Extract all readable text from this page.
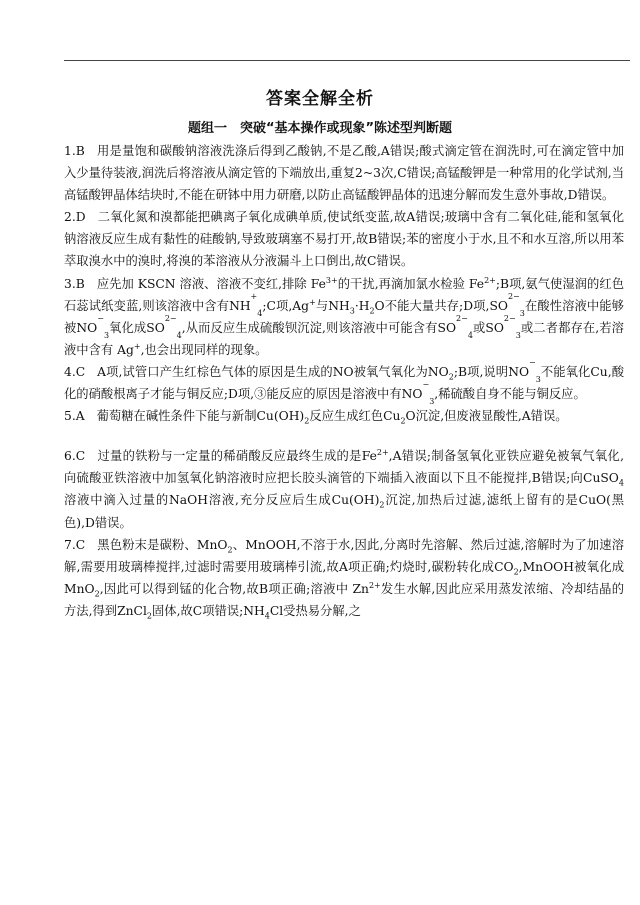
答案全解全析
题组一　突破“基本操作或现象”陈述型判断题

1.B 用是量饱和碳酸钠溶液洗涤后得到乙酸钠,不是乙酸,A错误;酸式滴定管在润洗时,可在滴定管中加入少量待装液,润洗后将溶液从滴定管的下端放出,重复2~3次,C错误;高锰酸钾是一种常用的化学试剂,当高锰酸钾晶体结块时,不能在研钵中用力研磨,以防止高锰酸钾晶体的迅速分解而发生意外事故,D错误。

2.D 二氧化氮和溴都能把碘离子氧化成碘单质,使试纸变蓝,故A错误;玻璃中含有二氧化硅,能和氢氧化钠溶液反应生成有黏性的硅酸钠,导致玻璃塞不易打开,故B错误;苯的密度小于水,且不和水互溶,所以用苯萃取溴水中的溴时,将溴的苯溶液从分液漏斗上口倒出,故C错误。

3.B 应先加 KSCN 溶液、溶液不变红,排除 $Fe^{3+}$的干扰,再滴加氯水检验 $Fe^{2+};B$项,氨气使湿润的红色石蕊试纸变蓝,则该溶液中含有$NH^+_4;C$项,Ag+与$NH_3\cdot H_2O$不能大量共存;D项$,SO^{2-}_3$在酸性溶液中能够被$NO^-_3$氧化成$SO^{2-}_4$,从而反应生成硫酸钡沉淀,则该溶液中可能含有$SO^{2-}_4$或$SO^{2-}_3$或二者都存在,若溶液中含有 Ag+,也会出现同样的现象。

4.C A项,试管口产生红棕色气体的原因是生成的NO被氧气氧化为$NO_2;B$项,说明$NO^-_3$不能氧化Cu,酸化的硝酸根离子才能与铜反应;D项,③能反应的原因是溶液中有$NO^-_3$,稀硫酸自身不能与铜反应。

5.A 葡萄糖在碱性条件下能与新制$Cu(OH)_2$反应生成红色$Cu_2O$沉淀,但废液显酸性,A错误。

6.C 过量的铁粉与一定量的稀硝酸反应最终生成的是$Fe^{2+},A$错误;制备氢氧化亚铁应避免被氧气氧化,向硫酸亚铁溶液中加氢氧化钠溶液时应把长胶头滴管的下端插入液面以下且不能搅拌,B错误;向CuSO$_4$溶液中滴入过量的NaOH溶液,充分反应后生成$Cu(OH)_2$沉淀,加热后过滤,滤纸上留有的是CuO(黑色),D错误。

7.C 黑色粉末是碳粉、MnO$_2$、MnOOH,不溶于水,因此,分离时先溶解、然后过滤,溶解时为了加速溶解,需要用玻璃棒搅拌,过滤时需要用玻璃棒引流,故A项正确;灼烧时,碳粉转化成$CO_2,MnOOH$被氧化成MnO$_2$,因此可以得到锰的化合物,故B项正确;溶液中 $Zn^{2+}$发生水解,因此应采用蒸发浓缩、冷却结晶的方法,得到ZnCl$_2$固体,故C项错误$;NH_4Cl$受热易分解,之
